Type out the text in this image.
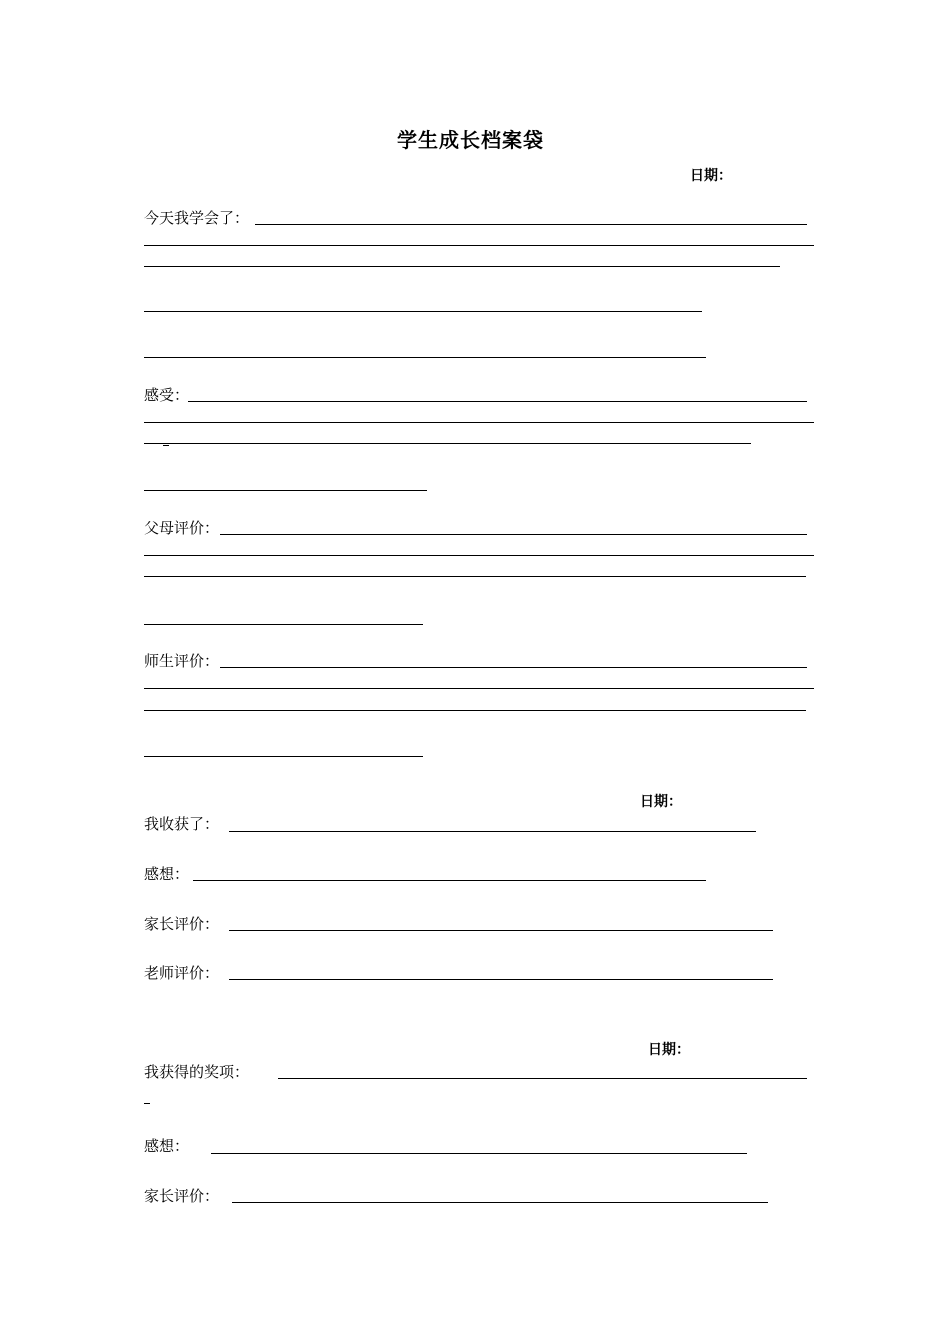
学生成长档案袋
日期：
今天我学会了：
感受：
父母评价：
师生评价：
日期：
我收获了：
感想：
家长评价：
老师评价：
日期：
我获得的奖项：
感想：
家长评价：
